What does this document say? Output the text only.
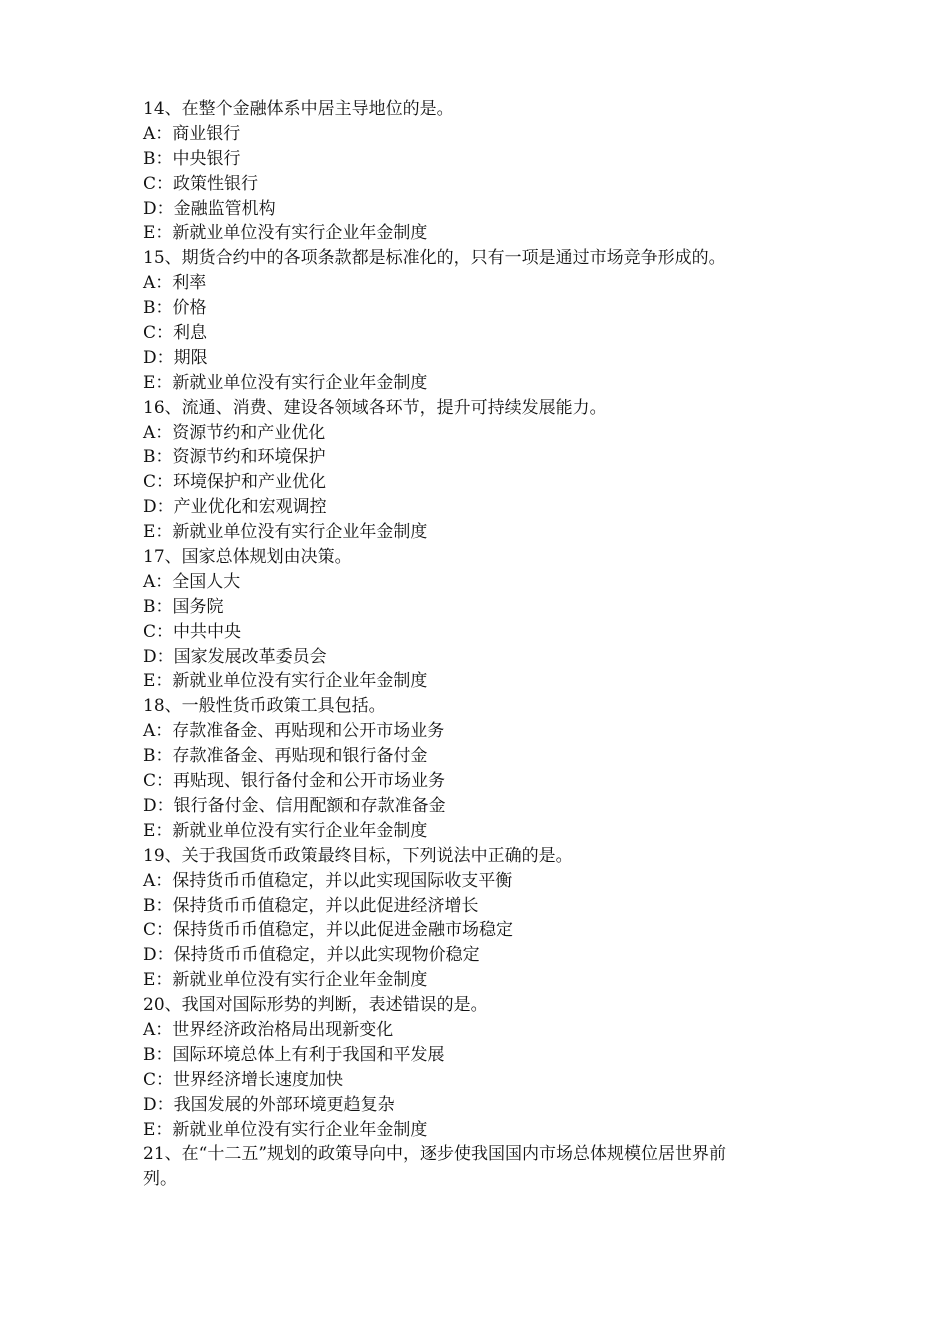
14、在整个金融体系中居主导地位的是。
A：商业银行
B：中央银行
C：政策性银行
D：金融监管机构
E：新就业单位没有实行企业年金制度
15、期货合约中的各项条款都是标准化的，只有一项是通过市场竞争形成的。
A：利率
B：价格
C：利息
D：期限
E：新就业单位没有实行企业年金制度
16、流通、消费、建设各领域各环节，提升可持续发展能力。
A：资源节约和产业优化
B：资源节约和环境保护
C：环境保护和产业优化
D：产业优化和宏观调控
E：新就业单位没有实行企业年金制度
17、国家总体规划由决策。
A：全国人大
B：国务院
C：中共中央
D：国家发展改革委员会
E：新就业单位没有实行企业年金制度
18、一般性货币政策工具包括。
A：存款准备金、再贴现和公开市场业务
B：存款准备金、再贴现和银行备付金
C：再贴现、银行备付金和公开市场业务
D：银行备付金、信用配额和存款准备金
E：新就业单位没有实行企业年金制度
19、关于我国货币政策最终目标，下列说法中正确的是。
A：保持货币币值稳定，并以此实现国际收支平衡
B：保持货币币值稳定，并以此促进经济增长
C：保持货币币值稳定，并以此促进金融市场稳定
D：保持货币币值稳定，并以此实现物价稳定
E：新就业单位没有实行企业年金制度
20、我国对国际形势的判断，表述错误的是。
A：世界经济政治格局出现新变化
B：国际环境总体上有利于我国和平发展
C：世界经济增长速度加快
D：我国发展的外部环境更趋复杂
E：新就业单位没有实行企业年金制度
21、在“十二五”规划的政策导向中，逐步使我国国内市场总体规模位居世界前
列。
